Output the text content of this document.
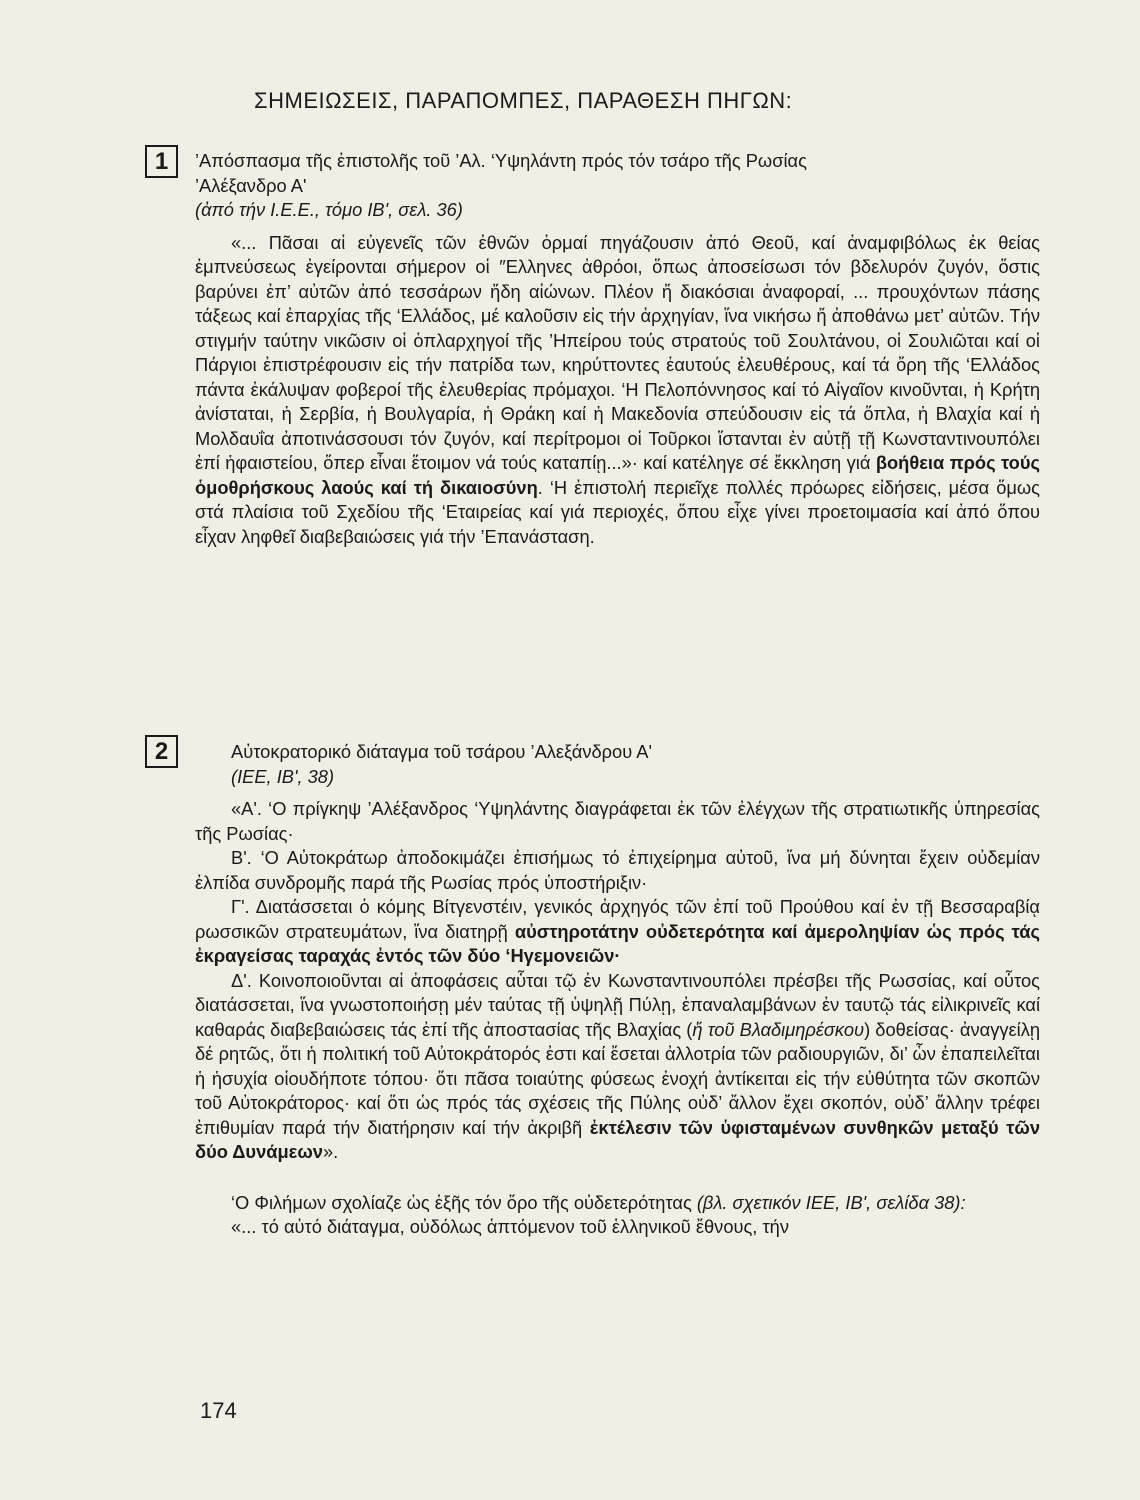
ΣΗΜΕΙΩΣΕΙΣ, ΠΑΡΑΠΟΜΠΕΣ, ΠΑΡΑΘΕΣΗ ΠΗΓΩΝ:
1	’Απόσπασμα τῆς ἐπιστολῆς τοῦ ’Αλ. ‘Υψηλάντη πρός τόν τσάρο τῆς Ρωσίας

’Αλέξανδρο Α'

(ἀπό τήν Ι.Ε.Ε., τόμο ΙΒ', σελ. 36)

«... Πᾶσαι αἱ εὐγενεῖς τῶν ἐθνῶν ὁρμαί πηγάζουσιν ἀπό Θεοῦ, καί ἀναμφιβόλως ἐκ θείας ἐμπνεύσεως ἐγείρονται σήμερον οἱ ″Ελληνες ἀθρόοι, ὅπως ἀποσείσωσι τόν βδελυρόν ζυγόν, ὅστις βαρύνει ἐπ’ αὐτῶν ἀπό τεσσάρων ἤδη αἰώνων. Πλέον ἤ διακόσιαι ἀναφοραί, ... προυχόντων πάσης τάξεως καί ἐπαρχίας τῆς ‘Ελλάδος, μέ καλοῦσιν εἰς τήν ἀρχηγίαν, ἵνα νικήσω ἤ ἀποθάνω μετ’ αὐτῶν. Τήν στιγμήν ταύτην νικῶσιν οἱ ὁπλαρχηγοί τῆς ’Ηπείρου τούς στρατούς τοῦ Σουλτάνου, οἱ Σουλιῶται καί οἱ Πάργιοι ἐπιστρέφουσιν εἰς τήν πατρίδα των, κηρύττοντες ἑαυτούς ἐλευθέρους, καί τά ὄρη τῆς ‘Ελλάδος πάντα ἐκάλυψαν φοβεροί τῆς ἐλευθερίας πρόμαχοι. ‘Η Πελοπόννησος καί τό Αἰγαῖον κινοῦνται, ἡ Κρήτη ἀνίσταται, ἡ Σερβία, ἡ Βουλγαρία, ἡ Θράκη καί ἡ Μακεδονία σπεύδουσιν εἰς τά ὅπλα, ἡ Βλαχία καί ἡ Μολδαυΐα ἀποτινάσσουσι τόν ζυγόν, καί περίτρομοι οἱ Τοῦρκοι ἵστανται ἐν αὐτῇ τῇ Κωνσταντινουπόλει ἐπί ἡφαιστείου, ὅπερ εἶναι ἕτοιμον νά τούς καταπίῃ...»· καί κατέληγε σέ ἔκκληση γιά βοήθεια πρός τούς ὁμοθρήσκους λαούς καί τή δικαιοσύνη. ‘Η ἐπιστολή περιεῖχε πολλές πρόωρες εἰδήσεις, μέσα ὅμως στά πλαίσια τοῦ Σχεδίου τῆς ‘Εταιρείας καί γιά περιοχές, ὅπου εἶχε γίνει προετοιμασία καί ἀπό ὅπου εἶχαν ληφθεῖ διαβεβαιώσεις γιά τήν ’Επανάσταση.

2	Αὐτοκρατορικό διάταγμα τοῦ τσάρου ’Αλεξάνδρου Α'

(ΙΕΕ, ΙΒ', 38)

«Α'. ‘Ο πρίγκηψ ’Αλέξανδρος ‘Υψηλάντης διαγράφεται ἐκ τῶν ἐλέγχων τῆς στρατιωτικῆς ὑπηρεσίας τῆς Ρωσίας·

Β'. ‘Ο Αὐτοκράτωρ ἀποδοκιμάζει ἐπισήμως τό ἐπιχείρημα αὐτοῦ, ἵνα μή δύνηται ἔχειν οὐδεμίαν ἐλπίδα συνδρομῆς παρά τῆς Ρωσίας πρός ὑποστήριξιν·

Γ'. Διατάσσεται ὁ κόμης Βίτγενστέιν, γενικός ἀρχηγός τῶν ἐπί τοῦ Προύθου καί ἐν τῇ Βεσσαραβίᾳ ρωσσικῶν στρατευμάτων, ἵνα διατηρῇ αὐστηροτάτην οὐδετερότητα καί ἀμεροληψίαν ὡς πρός τάς ἐκραγείσας ταραχάς ἐντός τῶν δύο ‘Ηγεμονειῶν·

Δ'. Κοινοποιοῦνται αἱ ἀποφάσεις αὗται τῷ ἐν Κωνσταντινουπόλει πρέσβει τῆς Ρωσσίας, καί οὗτος διατάσσεται, ἵνα γνωστοποιήσῃ μέν ταύτας τῇ ὑψηλῇ Πύλῃ, ἐπαναλαμβάνων ἐν ταυτῷ τάς εἰλικρινεῖς καί καθαράς διαβεβαιώσεις τάς ἐπί τῆς ἀποστασίας τῆς Βλαχίας (ἤ τοῦ Βλαδιμηρέσκου) δοθείσας· ἀναγγείλῃ δέ ρητῶς, ὅτι ἡ πολιτική τοῦ Αὐτοκράτορός ἐστι καί ἔσεται ἀλλοτρία τῶν ραδιουργιῶν, δι’ ὧν ἐπαπειλεῖται ἡ ἡσυχία οἱουδήποτε τόπου· ὅτι πᾶσα τοιαύτης φύσεως ἐνοχή ἀντίκειται εἰς τήν εὐθύτητα τῶν σκοπῶν τοῦ Αὐτοκράτορος· καί ὅτι ὡς πρός τάς σχέσεις τῆς Πύλης οὐδ’ ἄλλον ἔχει σκοπόν, οὐδ’ ἄλλην τρέφει ἐπιθυμίαν παρά τήν διατήρησιν καί τήν ἀκριβῆ ἐκτέλεσιν τῶν ὑφισταμένων συνθηκῶν μεταξύ τῶν δύο Δυνάμεων».

‘Ο Φιλήμων σχολίαζε ὡς ἑξῆς τόν ὅρο τῆς οὐδετερότητας (βλ. σχετικόν ΙΕΕ, ΙΒ', σελίδα 38):

«... τό αὐτό διάταγμα, οὐδόλως ἁπτόμενον τοῦ ἑλληνικοῦ ἔθνους, τήν

174
